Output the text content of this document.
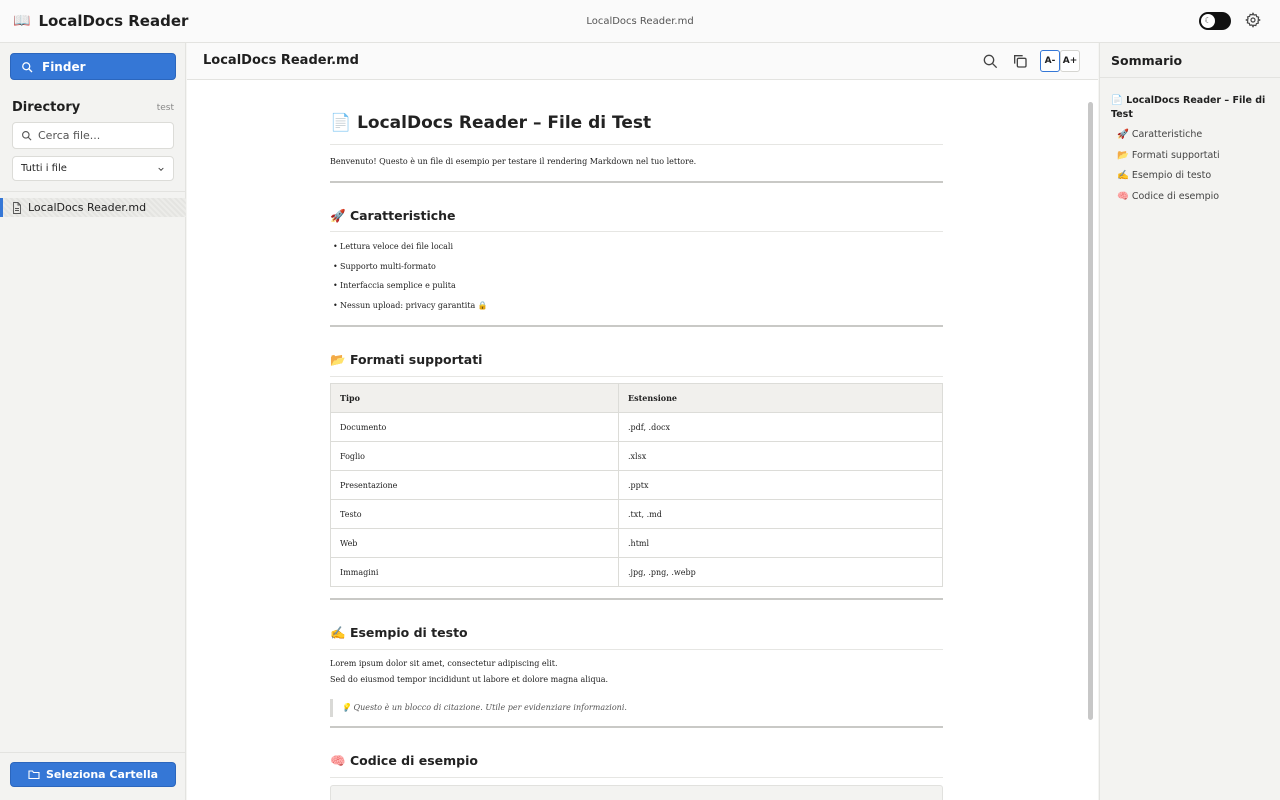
📖 LocalDocs Reader	LocalDocs Reader.md	☾
Finder
Directory	test
Cerca file...
Tutti i file
LocalDocs Reader.md
Seleziona Cartella
LocalDocs Reader.md	A- A+
📄 LocalDocs Reader – File di Test
Benvenuto! Questo è un file di esempio per testare il rendering Markdown nel tuo lettore.
🚀 Caratteristiche
• Lettura veloce dei file locali
• Supporto multi-formato
• Interfaccia semplice e pulita
• Nessun upload: privacy garantita 🔒
📂 Formati supportati
Tipo	Estensione
Documento	.pdf, .docx
Foglio	.xlsx
Presentazione	.pptx
Testo	.txt, .md
Web	.html
Immagini	.jpg, .png, .webp
✍️ Esempio di testo
Lorem ipsum dolor sit amet, consectetur adipiscing elit.
Sed do eiusmod tempor incididunt ut labore et dolore magna aliqua.
💡 Questo è un blocco di citazione. Utile per evidenziare informazioni.
🧠 Codice di esempio
Sommario
📄 LocalDocs Reader – File di Test
🚀 Caratteristiche
📂 Formati supportati
✍️ Esempio di testo
🧠 Codice di esempio
